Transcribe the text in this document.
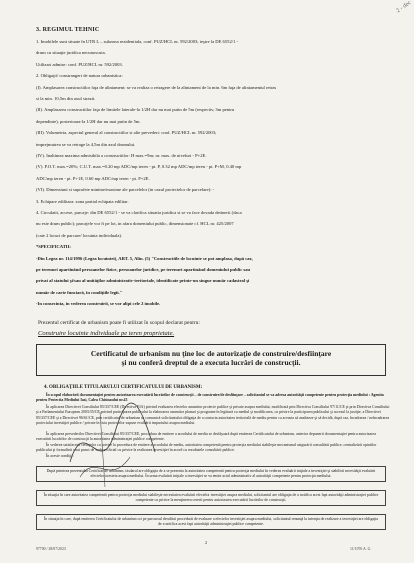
2 - dec
3. REGIMUL TEHNIC
1. Imobilele sunt situate în UTR L – subzona rezidentiala, conf. PUZ/HCL nr. 592/2003; ieşire la DE 6552/1 -
drum cu situaţie juridica necunoscuta.
Utilizari admise: conf. PUZ/HCL nr. 592/2003.
2. Obligaţii/ constrangeri de natura urbanistica:
(I). Amplasarea constructiilor faţa de aliniament: se va realiza o retragere de la aliniament de la min. 6m faţa de aliniamentul retras
si la min. 10,5m din axul strazii.
(II). Amplasarea constructiilor faţa de limitele laterale-la 1/2H dar nu mai putin de 5m (respectiv, 3m pentru
dependinte), posterioara-la 1/2H dar nu mai putin de 5m.
(III). Volumetria, aspectul general al constructiilor si alte prevederi: conf. PUZ/HCL nr. 592/2003;
imprejmuirea se va retrage la 4,5m din axul drumului.
(IV). Inaltimea maxima admisibila a constructiilor: H max.=9m; nr. max. de niveluri - P+2E.
(V). P.O.T. max.=20%; C.U.T. max.=0.20 mp ADC/mp teren - pt. P, 0.32 mp ADC/mp teren - pt. P+M, 0.40 mp
ADC/mp teren - pt. P+1E, 0.60 mp ADC/mp teren - pt. P+2E.
(VI). Dimensiuni si suprafete minime/maxime ale parcelelor (in cazul proiectelor de parcelare): -
3. Echipare edilitara: zona partial echipata edilitar.
4. Circulatii, accese, parcaje: din DE 6552/1 - se va clarifica situatia juridica si se va face dovada detinerii (daca
nu este drum public); parcajele vor fi pe lot, in afara domeniului public, dimensionate cf. HCL nr. 425/2007
(cate 2 locuri de parcare/ locuinta individuala).
*SPECIFICATII:
-Din Legea nr. 114/1996 (Legea locuintei), ART. 5, Alin. (5) "Constructiile de locuinte se pot amplasa, după caz,
pe terenuri apartinând persoanelor fizice, persoanelor juridice, pe terenuri apartinând domeniului public sau
privat al statului şi/sau al unităţilor administrativ-teritoriale, identificate printr-un singur număr cadastral şi
număr de carte funciară, în condiţiile legii."
-In consecinta, in vederea construirii, se vor alipi cele 2 imobile.
Prezentul certificat de urbanism poate fi utilizat în scopul declarat pentru:
Construire locuinte individuale pe teren proprietate.
Certificatul de urbanism nu ţine loc de autorizaţie de construire/desfiinţare
şi nu conferă dreptul de a executa lucrări de construcţii.
4. OBLIGAŢIILE TITULARULUI CERTIFICATULUI DE URBANISM:
În scopul elaborării documentaţiei pentru autorizarea executării lucrărilor de construcţii – de construire/de desfiinţare – solicitantul se va adresa autorităţii competente pentru protecţia mediului : Agentia pentru Protectia Mediului Iasi, Calea Chisinaului nr.43
În aplicarea Directivei Consiliului 85/337/CEE (Directiva EIA) privind evaluarea efectelor anumitor proiecte publice şi private asupra mediului, modificată prin Directiva Consiliului 97/11/CE şi prin Directiva Consiliului şi a Parlamentului European 2003/35/CE privind participarea publicului la elaborarea anumitor planuri şi programe în legătură cu mediul şi modificarea, cu privire la participarea publicului şi accesul la justiţie, a Directivei 85/337/CEE şi a Directivei 96/61/CE, prin certificatul de urbanism se comunică solicitantului obligaţia de a contacta autoritatea teritorială de mediu pentru ca aceasta să analizeze şi să decidă, după caz, încadrarea / neîncadrarea proiectului investiţiei publice / private în lista proiectelor supuse evaluării impactului asupra mediului.
În aplicarea prevederilor Directivei Consiliului 85/337/CEE, procedura de emitere a acordului de mediu se desfăşoară după emiterea Certificatului de urbanism, anterior depunerii documentaţiei pentru autorizarea executării lucrărilor de construcţii la autoritatea administraţiei publice competente.
În vederea satisfacerii cerinţelor cu privire la procedura de emitere a acordului de mediu, autoritatea competentă pentru protecţia mediului stabileşte mecanismul asigurării consultării publice, centralizării opiniilor publicului şi formulării unui punct de vedere oficial cu privire la realizarea investiţiei în acord cu rezultatele consultării publice.
În aceste condiţii:
După primirea prezentului Certificat de urbanism, titularul are obligaţia de a se prezenta la autoritatea competentă pentru protecţia mediului în vederea evaluării iniţiale a investiţiei şi stabilirii necesităţii evaluării efectelor acesteia asupra mediului. În urma evaluării iniţiale a investiţiei se va emite actul administrativ al autorităţii competente pentru protecţia mediului.
În situaţia în care autoritatea competentă pentru protecţia mediului stabileşte necesitatea evaluării efectelor investiţiei asupra mediului, solicitantul are obligaţia de a notifica acest fapt autorităţii administraţiei publice competente cu privire la menţinerea cererii pentru autorizarea executării lucrărilor de construcţii.
În situaţia în care, după emiterea Certificatului de urbanism ori pe parcursul derulării procedurii de evaluare a efectelor investiţiei asupra mediului, solicitantul renunţă la intenţia de realizare a investiţiei are obligaţia de a notifica acest fapt autorităţii administraţiei publice competente.
97700 / 28/07/2023
2
11/1076 A. G.
